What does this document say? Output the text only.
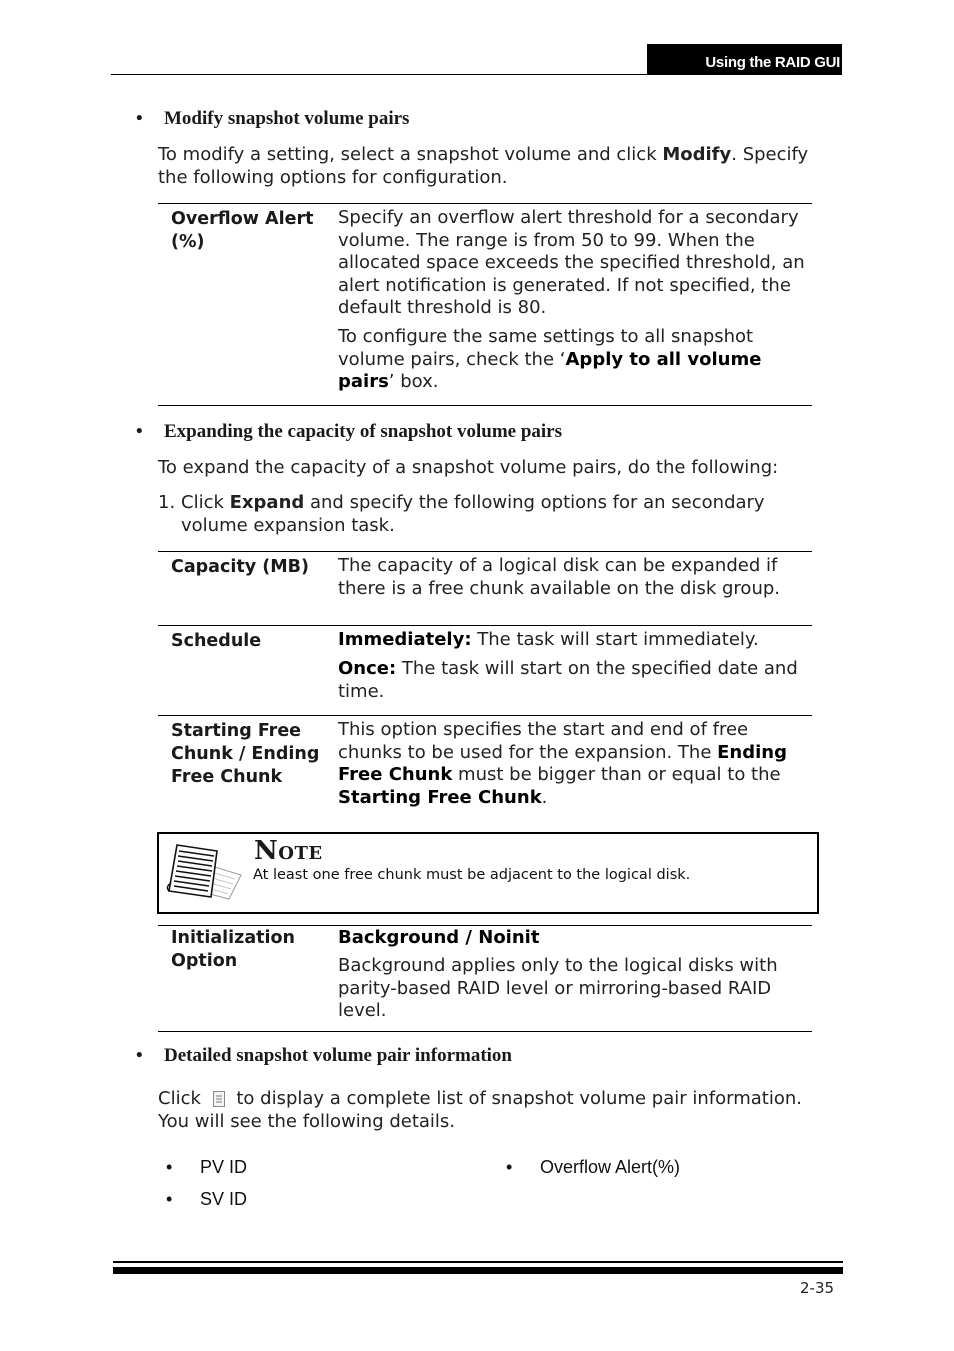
Using the RAID GUI
• Modify snapshot volume pairs
To modify a setting, select a snapshot volume and click Modify. Specify the following options for configuration.
Overflow Alert (%)
Specify an overflow alert threshold for a secondary volume. The range is from 50 to 99. When the allocated space exceeds the specified threshold, an alert notification is generated. If not specified, the default threshold is 80.
To configure the same settings to all snapshot volume pairs, check the ‘Apply to all volume pairs’ box.
• Expanding the capacity of snapshot volume pairs
To expand the capacity of a snapshot volume pairs, do the following:
1. Click Expand and specify the following options for an secondary volume expansion task.
Capacity (MB)	The capacity of a logical disk can be expanded if there is a free chunk available on the disk group.
Schedule	Immediately: The task will start immediately.
Once: The task will start on the specified date and time.
Starting Free Chunk / Ending Free Chunk
This option specifies the start and end of free chunks to be used for the expansion. The Ending Free Chunk must be bigger than or equal to the Starting Free Chunk.
Note
At least one free chunk must be adjacent to the logical disk.
Initialization Option
Background / Noinit
Background applies only to the logical disks with parity-based RAID level or mirroring-based RAID level.
• Detailed snapshot volume pair information
Click  to display a complete list of snapshot volume pair information. You will see the following details.
• PV ID
• SV ID
• Overflow Alert(%)
2-35
